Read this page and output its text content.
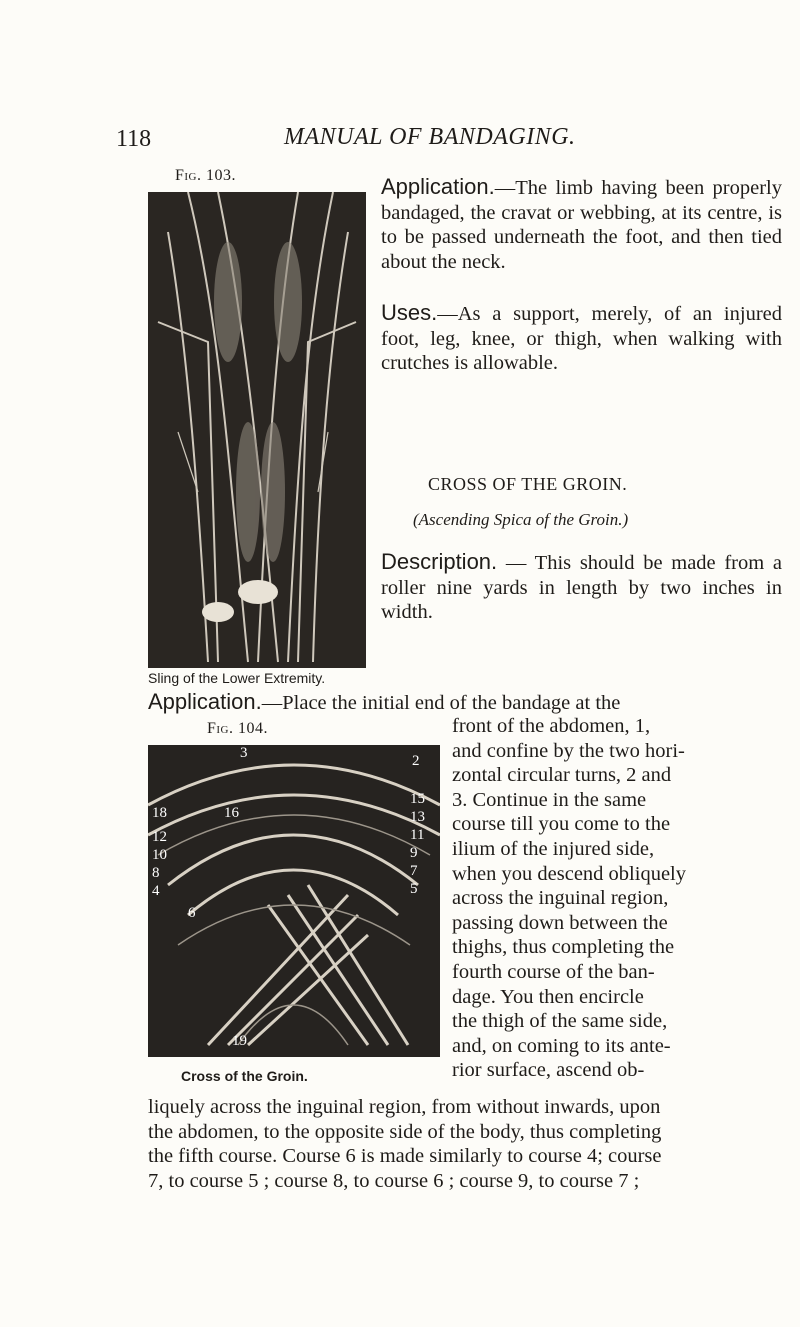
118	MANUAL OF BANDAGING.
Fig. 103.
Sling of the Lower Extremity.
Application.—The limb having been properly bandaged, the cravat or webbing, at its centre, is to be passed underneath the foot, and then tied about the neck.
Uses.—As a support, merely, of an injured foot, leg, knee, or thigh, when walking with crutches is allowable.
CROSS OF THE GROIN.
(Ascending Spica of the Groin.)
Description. — This should be made from a roller nine yards in length by two inches in width.
Application.—Place the initial end of the bandage at the
Fig. 104.
3	2
16
18
15
13
11
12
10
8
9
7
5
4
6
19
Cross of the Groin.
front of the abdomen, 1,
and confine by the two hori-
zontal circular turns, 2 and
3. Continue in the same
course till you come to the
ilium of the injured side,
when you descend obliquely
across the inguinal region,
passing down between the
thighs, thus completing the
fourth course of the ban-
dage. You then encircle
the thigh of the same side,
and, on coming to its ante-
rior surface, ascend ob-
liquely across the inguinal region, from without inwards, upon
the abdomen, to the opposite side of the body, thus completing
the fifth course. Course 6 is made similarly to course 4; course
7, to course 5 ; course 8, to course 6 ; course 9, to course 7 ;
